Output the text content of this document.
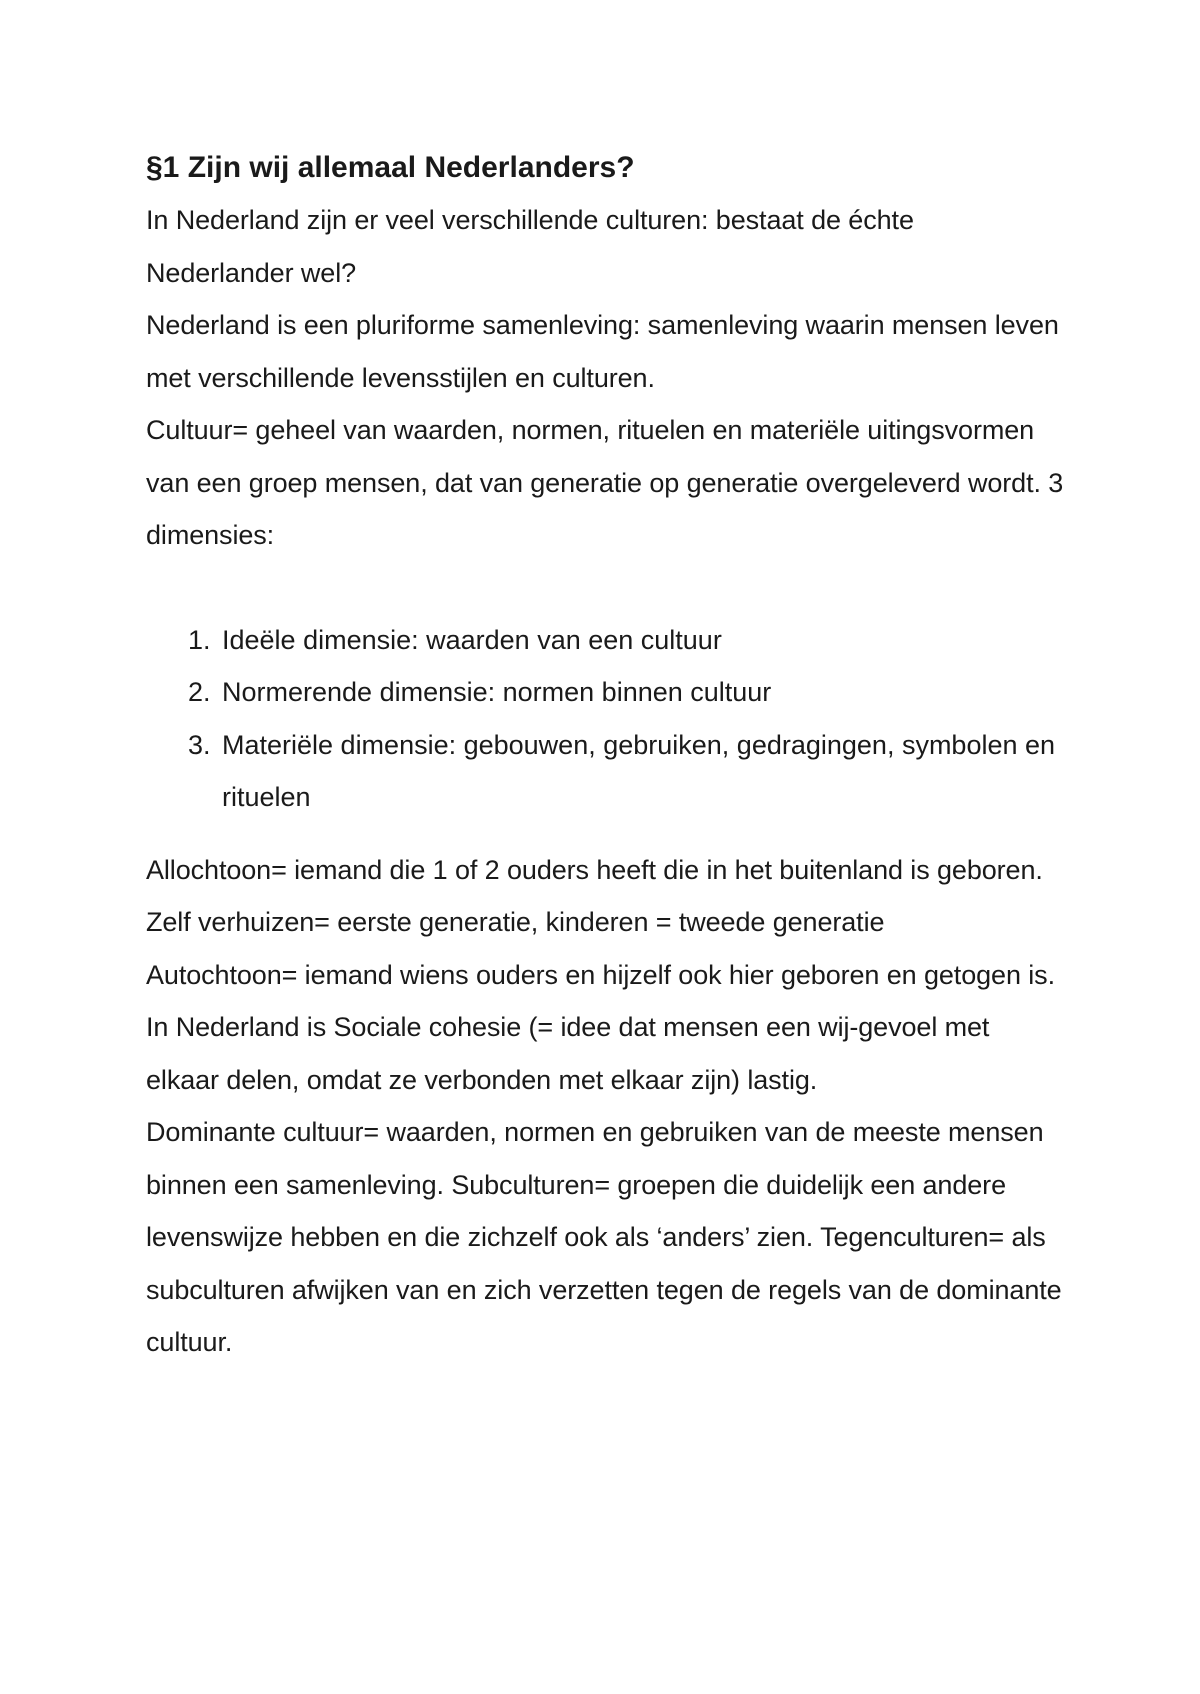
§1 Zijn wij allemaal Nederlanders?

In Nederland zijn er veel verschillende culturen: bestaat de échte Nederlander wel?

Nederland is een pluriforme samenleving: samenleving waarin mensen leven met verschillende levensstijlen en culturen.

Cultuur= geheel van waarden, normen, rituelen en materiële uitingsvormen van een groep mensen, dat van generatie op generatie overgeleverd wordt. 3 dimensies:

1. Ideële dimensie: waarden van een cultuur
2. Normerende dimensie: normen binnen cultuur
3. Materiële dimensie: gebouwen, gebruiken, gedragingen, symbolen en rituelen

Allochtoon= iemand die 1 of 2 ouders heeft die in het buitenland is geboren. Zelf verhuizen= eerste generatie, kinderen = tweede generatie

Autochtoon= iemand wiens ouders en hijzelf ook hier geboren en getogen is.

In Nederland is Sociale cohesie (= idee dat mensen een wij-gevoel met elkaar delen, omdat ze verbonden met elkaar zijn) lastig.

Dominante cultuur= waarden, normen en gebruiken van de meeste mensen binnen een samenleving. Subculturen= groepen die duidelijk een andere levenswijze hebben en die zichzelf ook als ‘anders’ zien. Tegenculturen= als subculturen afwijken van en zich verzetten tegen de regels van de dominante cultuur.
